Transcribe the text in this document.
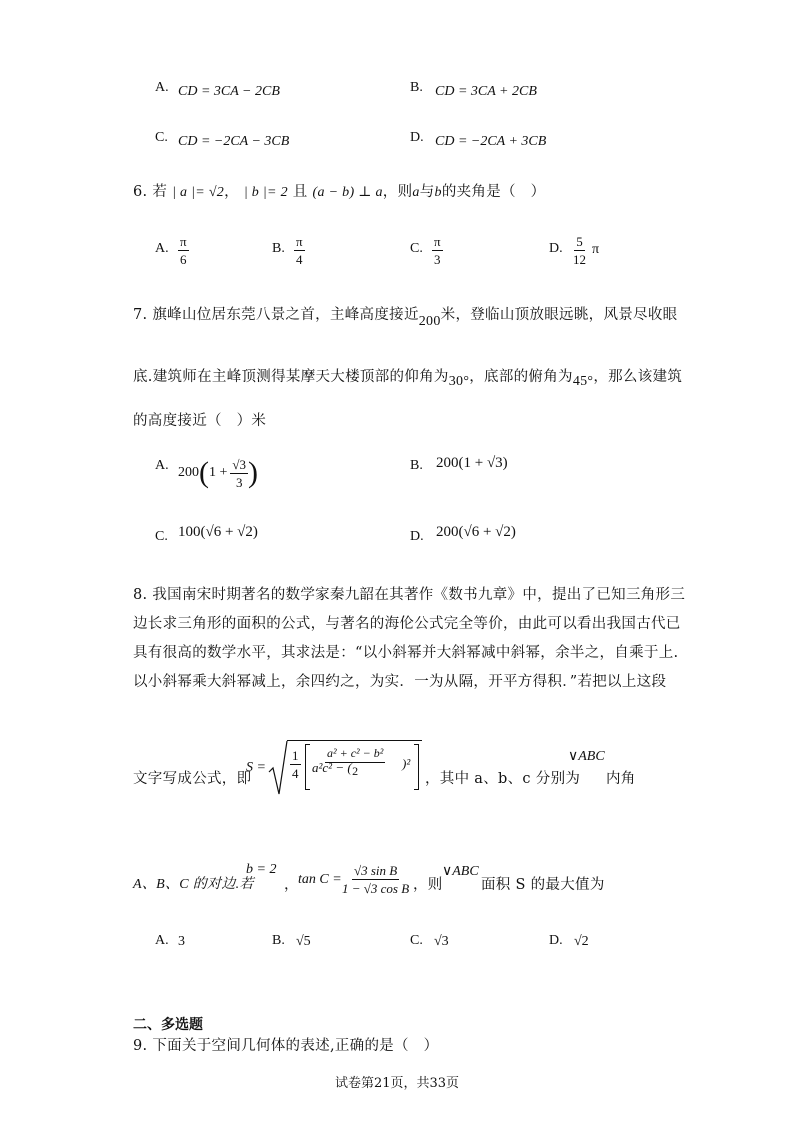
A. CD = 3CA − 2CB	B. CD = 3CA + 2CB
C. CD = −2CA − 3CB	D. CD = −2CA + 3CB
6. 若 | a |= √2， | b |= 2 且 (a − b) ⊥ a，则a与b的夹角是（　）
A. $\frac{\pi}{6}$	B. $\frac{\pi}{4}$	C. $\frac{\pi}{3}$	D. $\frac{5}{12}$ π
7. 旗峰山位居东莞八景之首，主峰高度接近200米，登临山顶放眼远眺，风景尽收眼
底.建筑师在主峰顶测得某摩天大楼顶部的仰角为30°，底部的俯角为45°，那么该建筑
的高度接近（　）米
A. 200 ( $1 + \frac{√3}{3}$ )	B. 200(1 + √3)
C. 100(√6 + √2)	D. 200(√6 + √2)
8. 我国南宋时期著名的数学家秦九韶在其著作《数书九章》中，提出了已知三角形三
边长求三角形的面积的公式，与著名的海伦公式完全等价，由此可以看出我国古代已
具有很高的数学水平，其求法是：“以小斜幂并大斜幂减中斜幂，余半之，自乘于上.
以小斜幂乘大斜幂减上，余四约之，为实．一为从隔，开平方得积．”若把以上这段
文字写成公式，即
$S = \frac{1}{4} a^2c^2$ − (
$\frac{\text{a² + c² − b²}}{2} )^2$
，其中 a、b、c 分别为
∨ABC
内角
A、B、C 的对边.若
b = 2
， $\tan C = \frac{\text{√3 sin B}}{\text{1 − √3 cos B}}$ ，则
∨ABC
面积 S 的最大值为
A. 3	B. √5	C. √3	D. √2
二、多选题
9. 下面关于空间几何体的表述,正确的是（　）
试卷第21页，共33页
